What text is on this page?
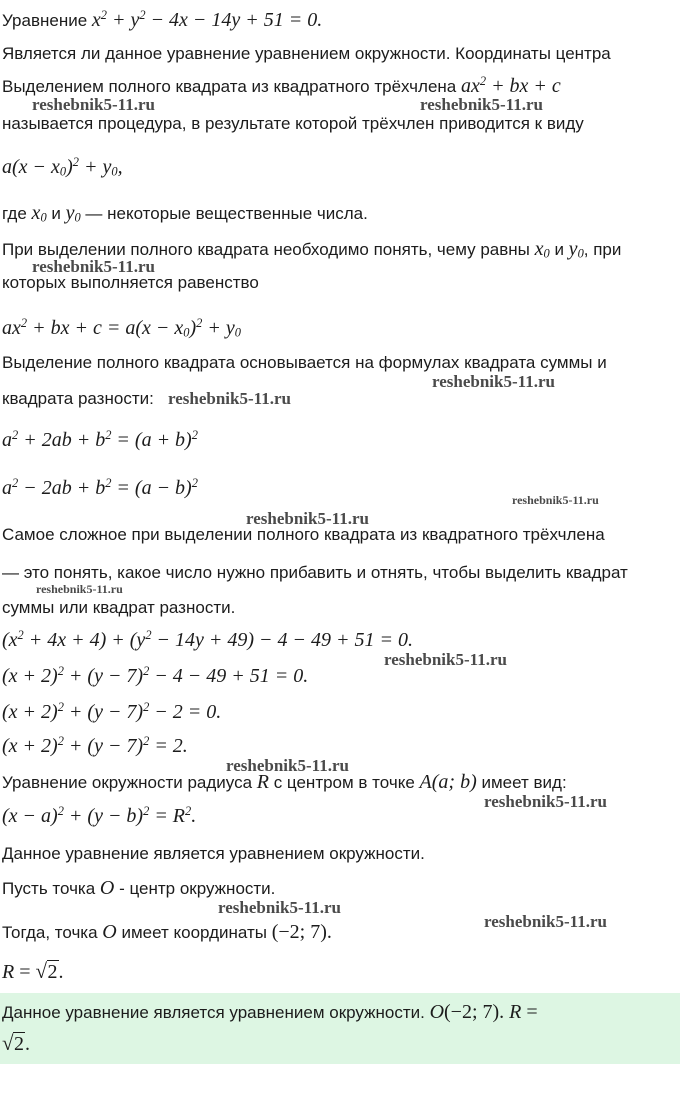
Уравнение $x^2 + y^2 - 4x - 14y + 51 = 0$.
Является ли данное уравнение уравнением окружности. Координаты центра
Выделением полного квадрата из квадратного трёхчлена $ax^2$ + bx + c
называется процедура, в результате которой трёхчлен приводится к виду
$a(x - x_0)^2 + y_0$,
где $x_0$ и $y_0$ — некоторые вещественные числа.
При выделении полного квадрата необходимо понять, чему равны $x_0$ и $y_0$, при
которых выполняется равенство
$ax^2$ + bx + $c = a(x - x_0)^2 + y_0$
Выделение полного квадрата основывается на формулах квадрата суммы и
квадрата разности:
$a^2 + 2ab + b^2 = (a + b)^2$
$a^2 - 2ab + b^2 = (a - b)^2$
Самое сложное при выделении полного квадрата из квадратного трёхчлена
— это понять, какое число нужно прибавить и отнять, чтобы выделить квадрат
суммы или квадрат разности.
$(x^2 + 4x + 4) + (y^2 - 14y + 49) - 4 - 49 + 51 = 0$.
$(x + 2)^2 + (y - 7)^2 - 4 - 49 + 51 = 0$.
$(x + 2)^2 + (y - 7)^2 - 2 = 0$.
$(x + 2)^2 + (y - 7)^2 = 2$.
Уравнение окружности радиуса R с центром в точке A(a; b) имеет вид:
$(x - a)^2 + (y - b)^2 = R^2$.
Данное уравнение является уравнением окружности.
Пусть точка O - центр окружности.
Тогда, точка O имеет координаты (−2; 7).
R = √ 2.
Данное уравнение является уравнением окружности. O(−2; 7). R =
√ 2.
reshebnik5-11.ru	reshebnik5-11.ru
reshebnik5-11.ru
reshebnik5-11.ru
reshebnik5-11.ru
reshebnik5-11.ru
reshebnik5-11.ru
reshebnik5-11.ru
reshebnik5-11.ru
reshebnik5-11.ru
reshebnik5-11.ru
reshebnik5-11.ru
reshebnik5-11.ru
